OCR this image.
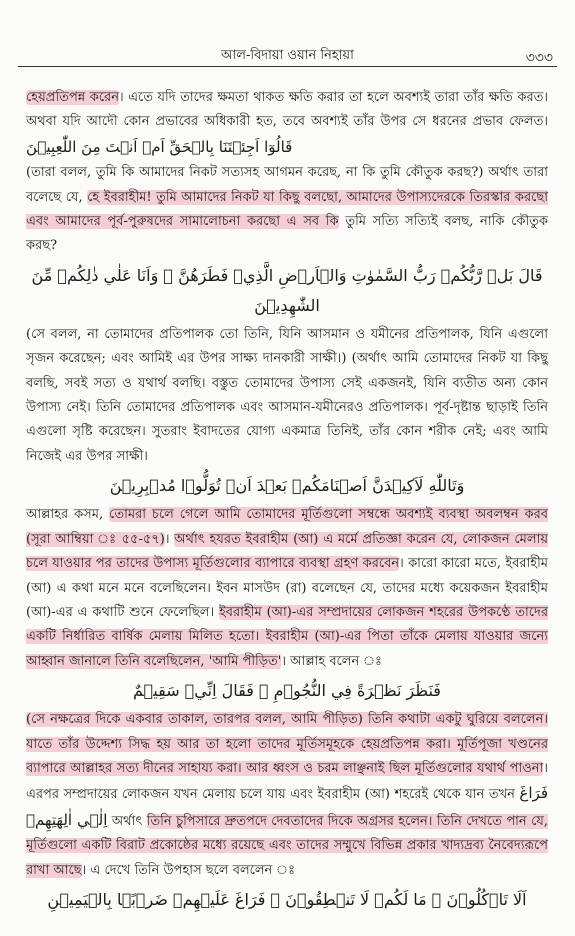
আল-বিদায়া ওয়ান নিহায়া	৩৩৩

হেয়প্রতিপন্ন করেন। এতে যদি তাদের ক্ষমতা থাকত ক্ষতি করার তা হলে অবশ্যই তারা তাঁর ক্ষতি করত। অথবা যদি আদৌ কোন প্রভাবের অধিকারী হত, তবে অবশ্যই তাঁর উপর সে ধরনের প্রভাব ফেলত। قَالُوٓا اَجِئۡتَنَا بِالۡحَقِّ اَمۡ اَنۡتَ مِنَ اللّٰعِبِيۡنَ

(তারা বলল, তুমি কি আমাদের নিকট সত্যসহ আগমন করেছ, না কি তুমি কৌতুক করছ?) অর্থাৎ তারা বলেছে যে, হে ইবরাহীম! তুমি আমাদের নিকট যা কিছু বলছো, আমাদের উপাস্যদেরকে তিরস্কার করছো এবং আমাদের পূর্ব-পুরুষদের সামালোচনা করছো এ সব কি তুমি সত্যি সত্যিই বলছ, নাকি কৌতুক করছ?

قَالَ بَلۡ رَّبُّكُمۡ رَبُّ السَّمٰوٰتِ وَالۡاَرۡضِ الَّذِيۡ فَطَرَهُنَّ ۖ وَاَنَا عَلٰي ذٰلِكُمۡ مِّنَ الشّٰهِدِيۡنَ

(সে বলল, না তোমাদের প্রতিপালক তো তিনি, যিনি আসমান ও যমীনের প্রতিপালক, যিনি এগুলো সৃজন করেছেন; এবং আমিই এর উপর সাক্ষ্য দানকারী সাক্ষী।) (অর্থাৎ আমি তোমাদের নিকট যা কিছু বলছি, সবই সত্য ও যথার্থ বলছি। বস্তুত তোমাদের উপাস্য সেই একজনই, যিনি ব্যতীত অন্য কোন উপাস্য নেই। তিনি তোমাদের প্রতিপালক এবং আসমান-যমীনেরও প্রতিপালক। পূর্ব-দৃষ্টান্ত ছাড়াই তিনি এগুলো সৃষ্টি করেছেন। সুতরাং ইবাদতের যোগ্য একমাত্র তিনিই, তাঁর কোন শরীক নেই; এবং আমি নিজেই এর উপর সাক্ষী।

وَتَاللّٰهِ لَاَكِيۡدَنَّ اَصۡنَامَكُمۡ بَعۡدَ اَنۡ تُوَلُّوۡا مُدۡبِرِيۡنَ

আল্লাহর কসম, তোমরা চলে গেলে আমি তোমাদের মূর্তিগুলো সম্বন্ধে অবশ্যই ব্যবস্থা অবলম্বন করব (সূরা আম্বিয়া ঃ ৫৫-৫৭)। অর্থাৎ হযরত ইবরাহীম (আ) এ মর্মে প্রতিজ্ঞা করেন যে, লোকজন মেলায় চলে যাওয়ার পর তাদের উপাস্য মূর্তিগুলোর ব্যাপারে ব্যবস্থা গ্রহণ করবেন। কারো কারো মতে, ইবরাহীম (আ) এ কথা মনে মনে বলেছিলেন। ইবন মাসউদ (রা) বলেছেন যে, তাদের মধ্যে কয়েকজন ইবরাহীম (আ)-এর এ কথাটি শুনে ফেলেছিল। ইবরাহীম (আ)-এর সম্প্রদায়ের লোকজন শহরের উপকণ্ঠে তাদের একটি নির্ধারিত বার্ষিক মেলায় মিলিত হতো। ইবরাহীম (আ)-এর পিতা তাঁকে মেলায় যাওয়ার জন্যে আহ্বান জানালে তিনি বলেছিলেন, 'আমি পীড়িত'। আল্লাহ বলেন ঃ

فَنَظَرَ نَظۡرَةً فِي النُّجُوۡمِ ۙ فَقَالَ اِنِّيۡ سَقِيۡمٌ

(সে নক্ষত্রের দিকে একবার তাকাল, তারপর বলল, আমি পীড়িত) তিনি কথাটা একটু ঘুরিয়ে বললেন। যাতে তাঁর উদ্দেশ্য সিদ্ধ হয় আর তা হলো তাদের মূর্তিসমূহকে হেয়প্রতিপন্ন করা। মূর্তিপূজা খণ্ডনের ব্যাপারে আল্লাহর সত্য দীনের সাহায্য করা। আর ধ্বংস ও চরম লাঞ্ছনাই ছিল মূর্তিগুলোর যথার্থ পাওনা। এরপর সম্প্রদায়ের লোকজন যখন মেলায় চলে যায় এবং ইবরাহীম (আ) শহরেই থেকে যান তখন فَرَاغَ اِلٰۤي اٰلِهَتِهِمۡ অর্থাৎ তিনি চুপিসারে দ্রুতপদে দেবতাদের দিকে অগ্রসর হলেন। তিনি দেখতে পান যে, মূর্তিগুলো একটি বিরাট প্রকোষ্ঠের মধ্যে রয়েছে এবং তাদের সম্মুখে বিভিন্ন প্রকার খাদ্যদ্রব্য নৈবেদ্যরূপে রাখা আছে। এ দেখে তিনি উপহাস ছলে বললেন ঃ

اَلَا تَاۡكُلُوۡنَ ۚ مَا لَكُمۡ لَا تَنۡطِقُوۡنَ ۚ فَرَاغَ عَلَيۡهِمۡ ضَرۡبًۢا بِالۡيَمِيۡنِ
